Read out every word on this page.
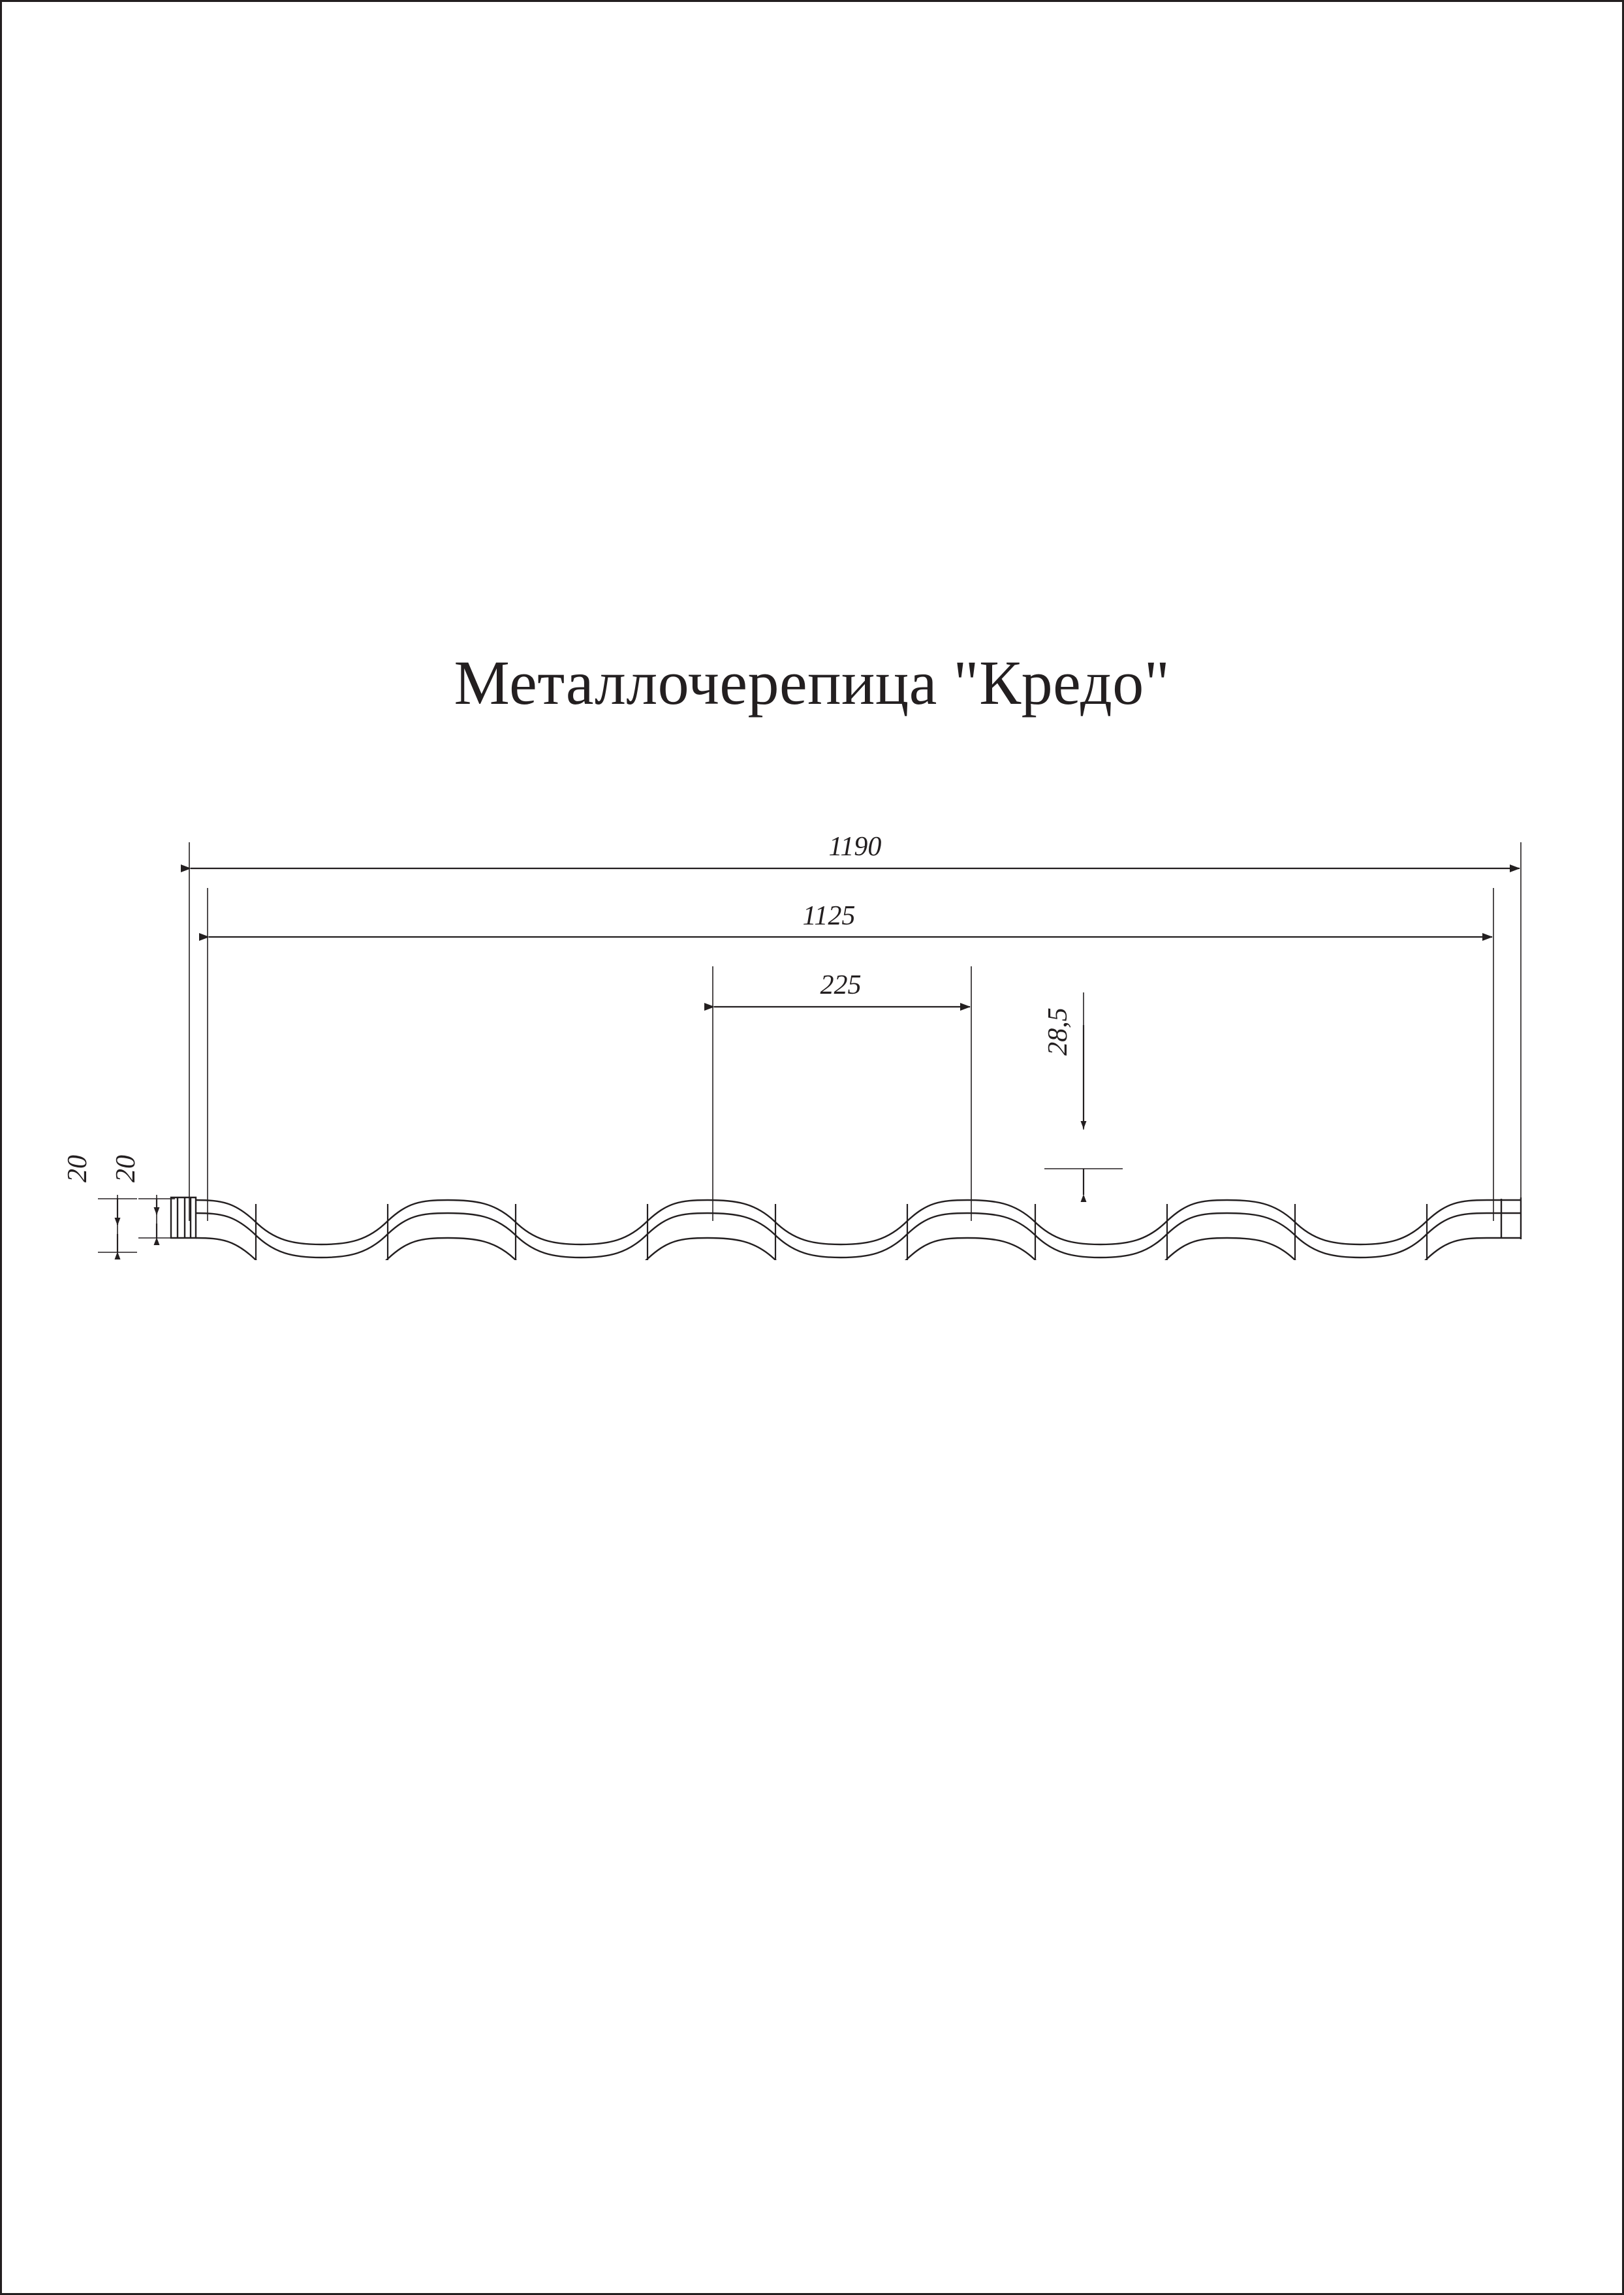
Металлочерепица "Кредо"
1190
1125
225
28,5
20 20
